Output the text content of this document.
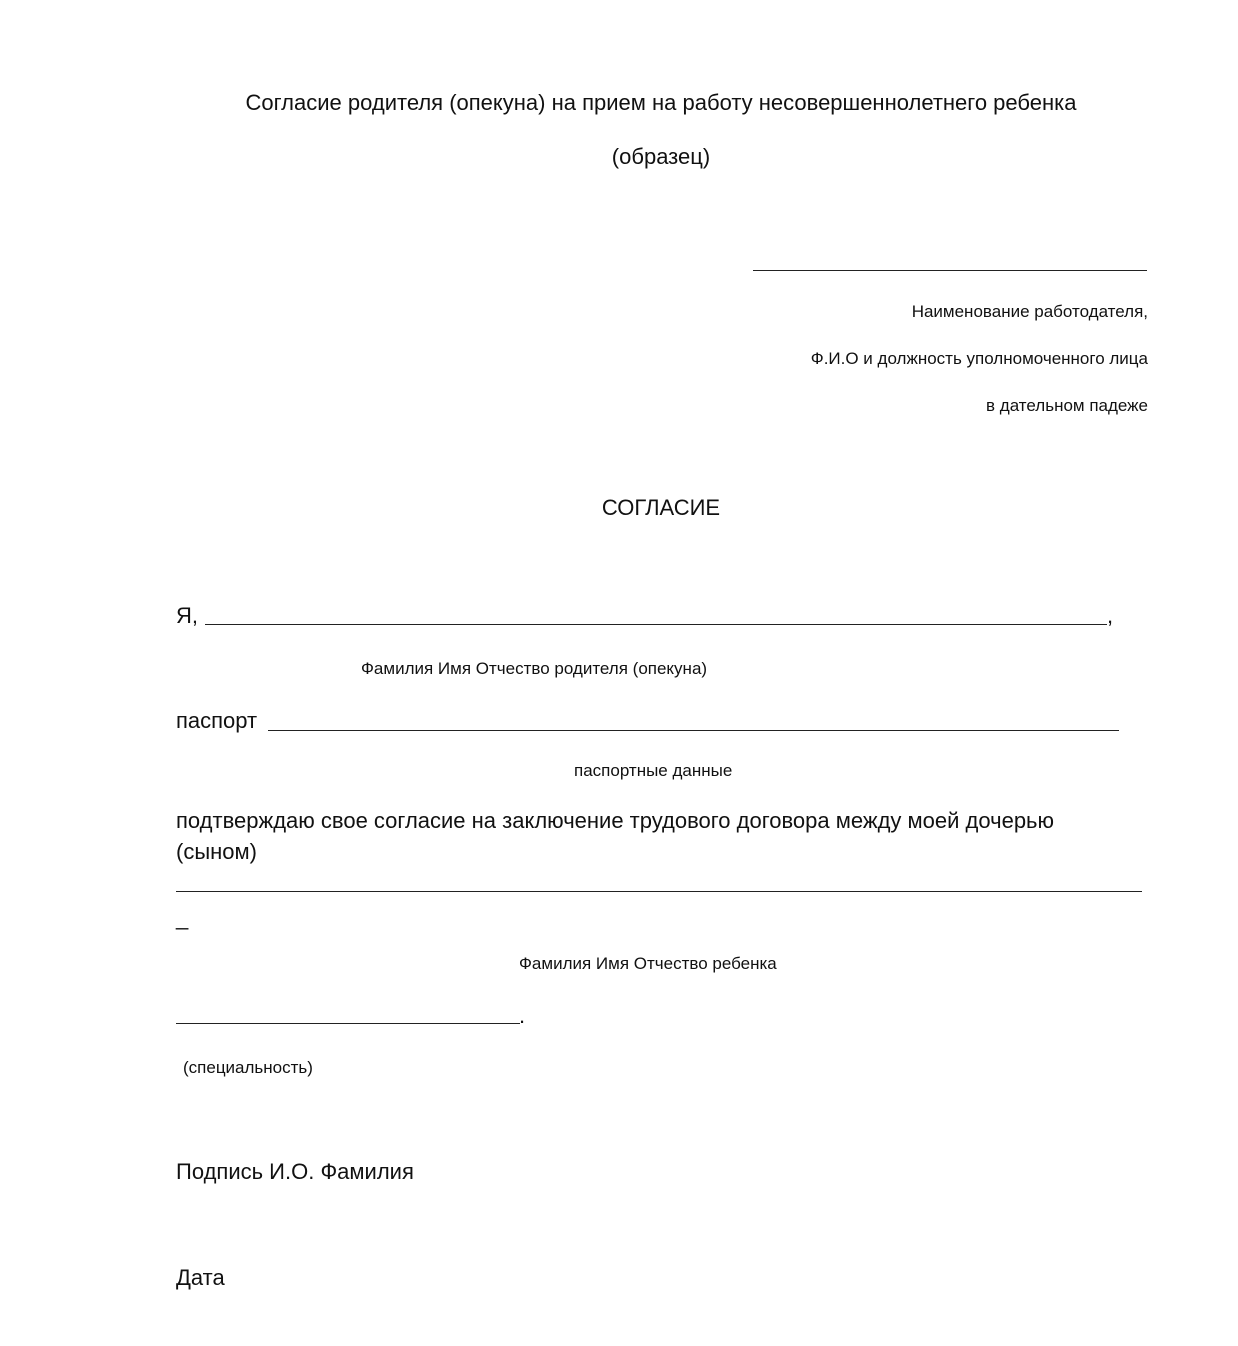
Согласие родителя (опекуна) на прием на работу несовершеннолетнего ребенка
(образец)
Наименование работодателя,
Ф.И.О и должность уполномоченного лица
в дательном падеже
СОГЛАСИЕ
Я,	,
Фамилия Имя Отчество родителя (опекуна)
паспорт
паспортные данные
подтверждаю свое согласие на заключение трудового договора между моей дочерью
(сыном)
_
Фамилия Имя Отчество ребенка
.
(специальность)
Подпись И.О. Фамилия
Дата
